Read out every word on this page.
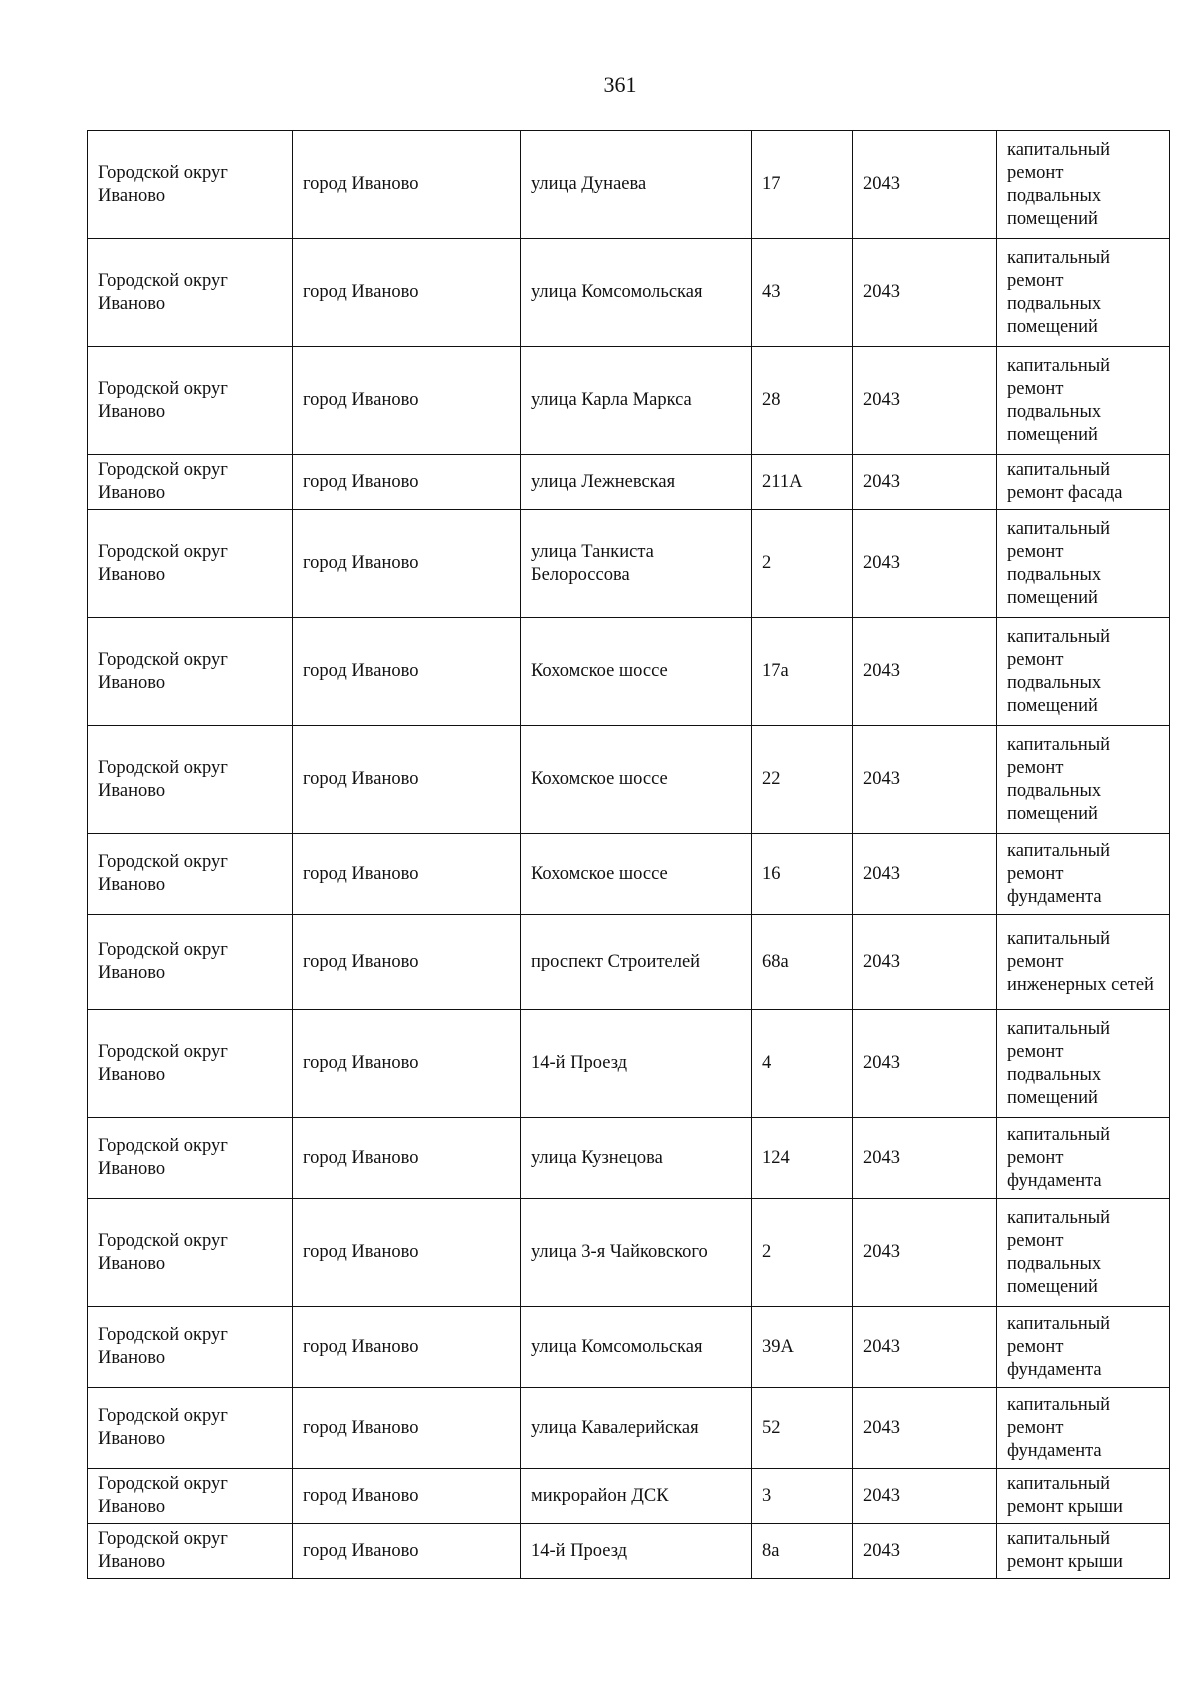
361
Городской округ Иваново	город Иваново	улица Дунаева	17	2043	капитальный ремонт подвальных помещений
Городской округ Иваново	город Иваново	улица Комсомольская	43	2043	капитальный ремонт подвальных помещений
Городской округ Иваново	город Иваново	улица Карла Маркса	28	2043	капитальный ремонт подвальных помещений
Городской округ Иваново	город Иваново	улица Лежневская	211А	2043	капитальный ремонт фасада
Городской округ Иваново	город Иваново	улица Танкиста Белороссова	2	2043	капитальный ремонт подвальных помещений
Городской округ Иваново	город Иваново	Кохомское шоссе	17а	2043	капитальный ремонт подвальных помещений
Городской округ Иваново	город Иваново	Кохомское шоссе	22	2043	капитальный ремонт подвальных помещений
Городской округ Иваново	город Иваново	Кохомское шоссе	16	2043	капитальный ремонт фундамента
Городской округ Иваново	город Иваново	проспект Строителей	68а	2043	капитальный ремонт инженерных сетей
Городской округ Иваново	город Иваново	14-й Проезд	4	2043	капитальный ремонт подвальных помещений
Городской округ Иваново	город Иваново	улица Кузнецова	124	2043	капитальный ремонт фундамента
Городской округ Иваново	город Иваново	улица 3-я Чайковского	2	2043	капитальный ремонт подвальных помещений
Городской округ Иваново	город Иваново	улица Комсомольская	39А	2043	капитальный ремонт фундамента
Городской округ Иваново	город Иваново	улица Кавалерийская	52	2043	капитальный ремонт фундамента
Городской округ Иваново	город Иваново	микрорайон ДСК	3	2043	капитальный ремонт крыши
Городской округ Иваново	город Иваново	14-й Проезд	8а	2043	капитальный ремонт крыши
